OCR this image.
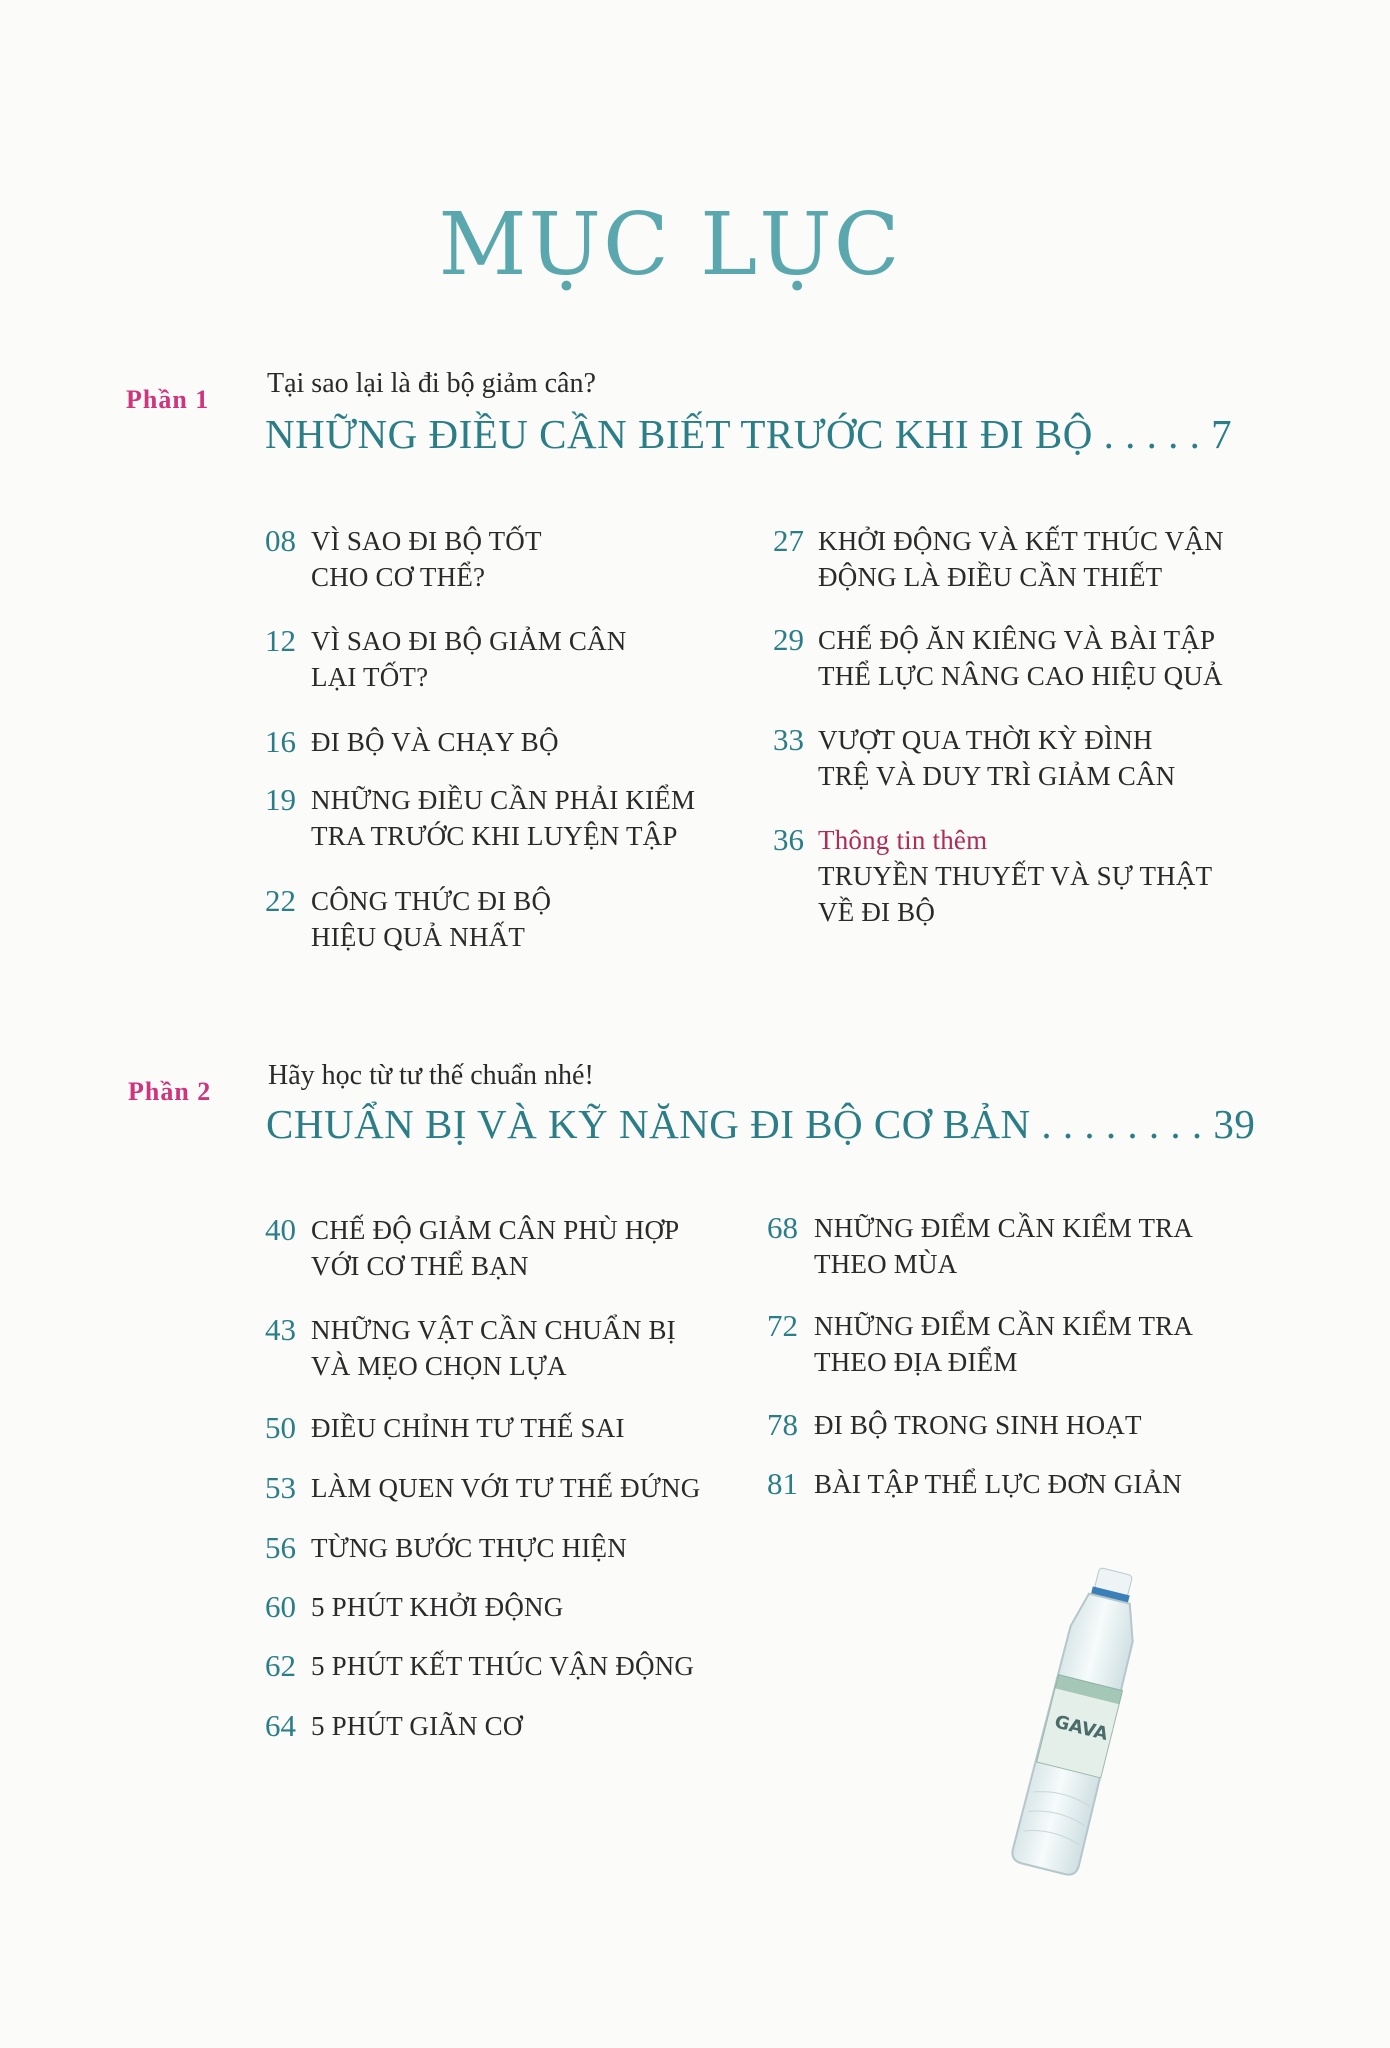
MỤC LỤC
Phần 1
Tại sao lại là đi bộ giảm cân?
NHỮNG ĐIỀU CẦN BIẾT TRƯỚC KHI ĐI BỘ . . . . . 7
08 VÌ SAO ĐI BỘ TỐT
CHO CƠ THỂ?
12 VÌ SAO ĐI BỘ GIẢM CÂN
LẠI TỐT?
16 ĐI BỘ VÀ CHẠY BỘ
19 NHỮNG ĐIỀU CẦN PHẢI KIỂM
TRA TRƯỚC KHI LUYỆN TẬP
22 CÔNG THỨC ĐI BỘ
HIỆU QUẢ NHẤT
27 KHỞI ĐỘNG VÀ KẾT THÚC VẬN
ĐỘNG LÀ ĐIỀU CẦN THIẾT
29 CHẾ ĐỘ ĂN KIÊNG VÀ BÀI TẬP
THỂ LỰC NÂNG CAO HIỆU QUẢ
33 VƯỢT QUA THỜI KỲ ĐÌNH
TRỆ VÀ DUY TRÌ GIẢM CÂN
36 Thông tin thêm
TRUYỀN THUYẾT VÀ SỰ THẬT
VỀ ĐI BỘ
Phần 2
Hãy học từ tư thế chuẩn nhé!
CHUẨN BỊ VÀ KỸ NĂNG ĐI BỘ CƠ BẢN . . . . . . . . 39
40 CHẾ ĐỘ GIẢM CÂN PHÙ HỢP
VỚI CƠ THỂ BẠN
43 NHỮNG VẬT CẦN CHUẨN BỊ
VÀ MẸO CHỌN LỰA
50 ĐIỀU CHỈNH TƯ THẾ SAI
53 LÀM QUEN VỚI TƯ THẾ ĐỨNG
56 TỪNG BƯỚC THỰC HIỆN
60 5 PHÚT KHỞI ĐỘNG
62 5 PHÚT KẾT THÚC VẬN ĐỘNG
64 5 PHÚT GIÃN CƠ
68 NHỮNG ĐIỂM CẦN KIỂM TRA
THEO MÙA
72 NHỮNG ĐIỂM CẦN KIỂM TRA
THEO ĐỊA ĐIỂM
78 ĐI BỘ TRONG SINH HOẠT
81 BÀI TẬP THỂ LỰC ĐƠN GIẢN
GAVA
